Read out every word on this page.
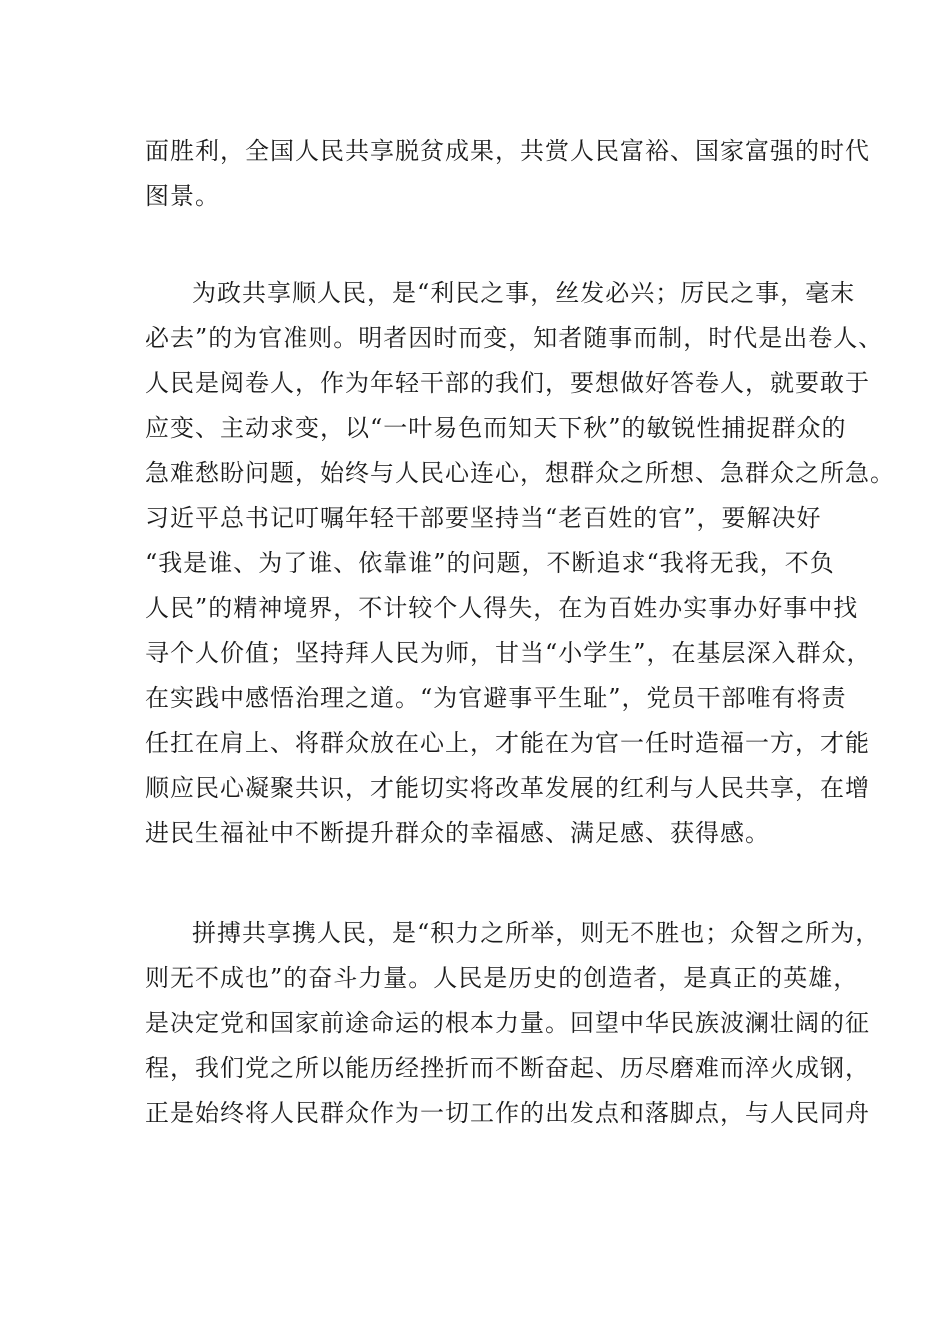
面胜利，全国人民共享脱贫成果，共赏人民富裕、国家富强的时代
图景。
为政共享顺人民，是“利民之事，丝发必兴；厉民之事，毫末
必去”的为官准则。明者因时而变，知者随事而制，时代是出卷人、
人民是阅卷人，作为年轻干部的我们，要想做好答卷人，就要敢于
应变、主动求变，以“一叶易色而知天下秋”的敏锐性捕捉群众的
急难愁盼问题，始终与人民心连心，想群众之所想、急群众之所急。
习近平总书记叮嘱年轻干部要坚持当“老百姓的官”，要解决好
“我是谁、为了谁、依靠谁”的问题，不断追求“我将无我，不负
人民”的精神境界，不计较个人得失，在为百姓办实事办好事中找
寻个人价值；坚持拜人民为师，甘当“小学生”，在基层深入群众，
在实践中感悟治理之道。“为官避事平生耻”，党员干部唯有将责
任扛在肩上、将群众放在心上，才能在为官一任时造福一方，才能
顺应民心凝聚共识，才能切实将改革发展的红利与人民共享，在增
进民生福祉中不断提升群众的幸福感、满足感、获得感。
拼搏共享携人民，是“积力之所举，则无不胜也；众智之所为，
则无不成也”的奋斗力量。人民是历史的创造者，是真正的英雄，
是决定党和国家前途命运的根本力量。回望中华民族波澜壮阔的征
程，我们党之所以能历经挫折而不断奋起、历尽磨难而淬火成钢，
正是始终将人民群众作为一切工作的出发点和落脚点，与人民同舟
